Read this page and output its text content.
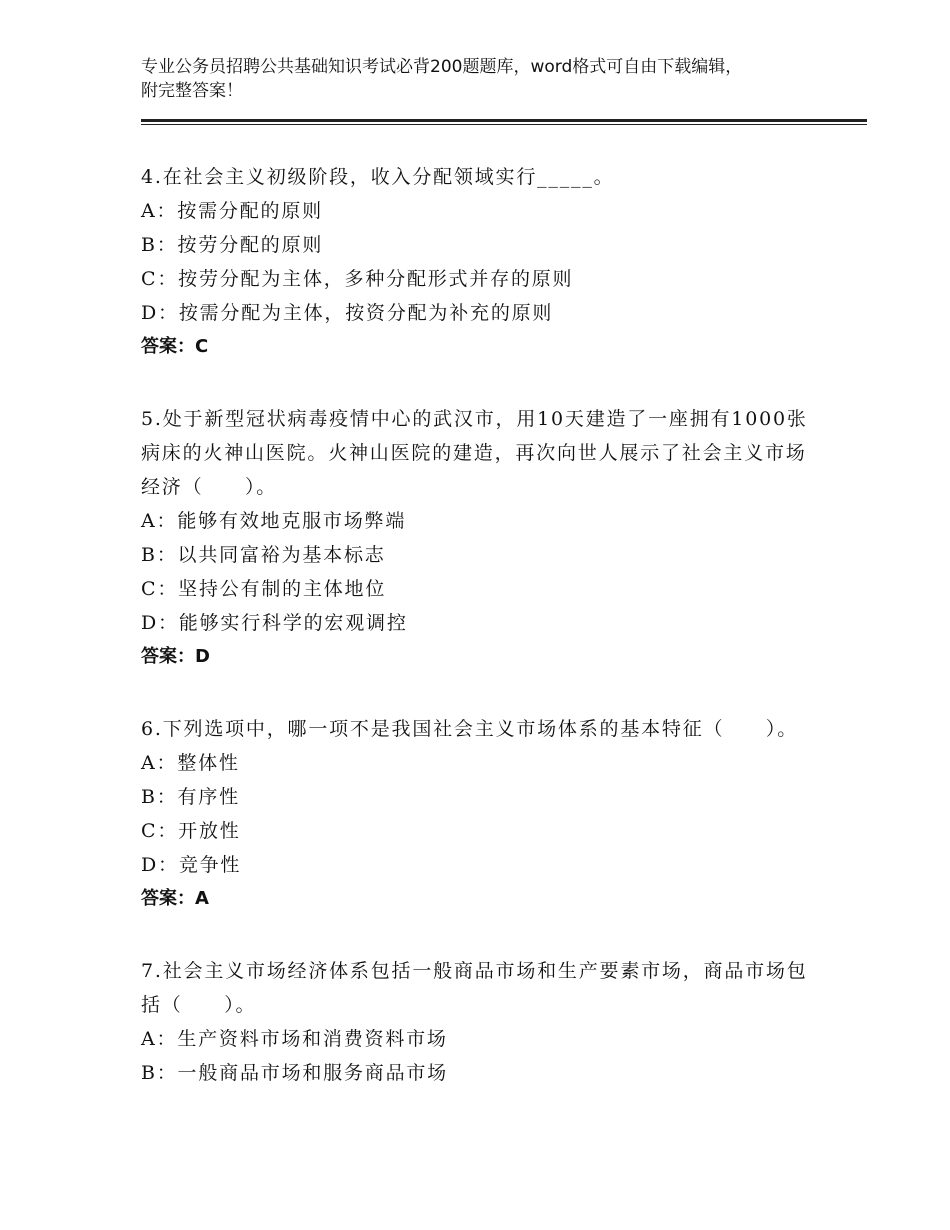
专业公务员招聘公共基础知识考试必背200题题库，word格式可自由下载编辑，
附完整答案！
4.在社会主义初级阶段，收入分配领域实行_____。
A：按需分配的原则
B：按劳分配的原则
C：按劳分配为主体，多种分配形式并存的原则
D：按需分配为主体，按资分配为补充的原则
答案：C
5.处于新型冠状病毒疫情中心的武汉市，用10天建造了一座拥有1000张病床的火神山医院。火神山医院的建造，再次向世人展示了社会主义市场经济（　　）。
A：能够有效地克服市场弊端
B：以共同富裕为基本标志
C：坚持公有制的主体地位
D：能够实行科学的宏观调控
答案：D
6.下列选项中，哪一项不是我国社会主义市场体系的基本特征（　　）。
A：整体性
B：有序性
C：开放性
D：竞争性
答案：A
7.社会主义市场经济体系包括一般商品市场和生产要素市场，商品市场包括（　　）。
A：生产资料市场和消费资料市场
B：一般商品市场和服务商品市场
